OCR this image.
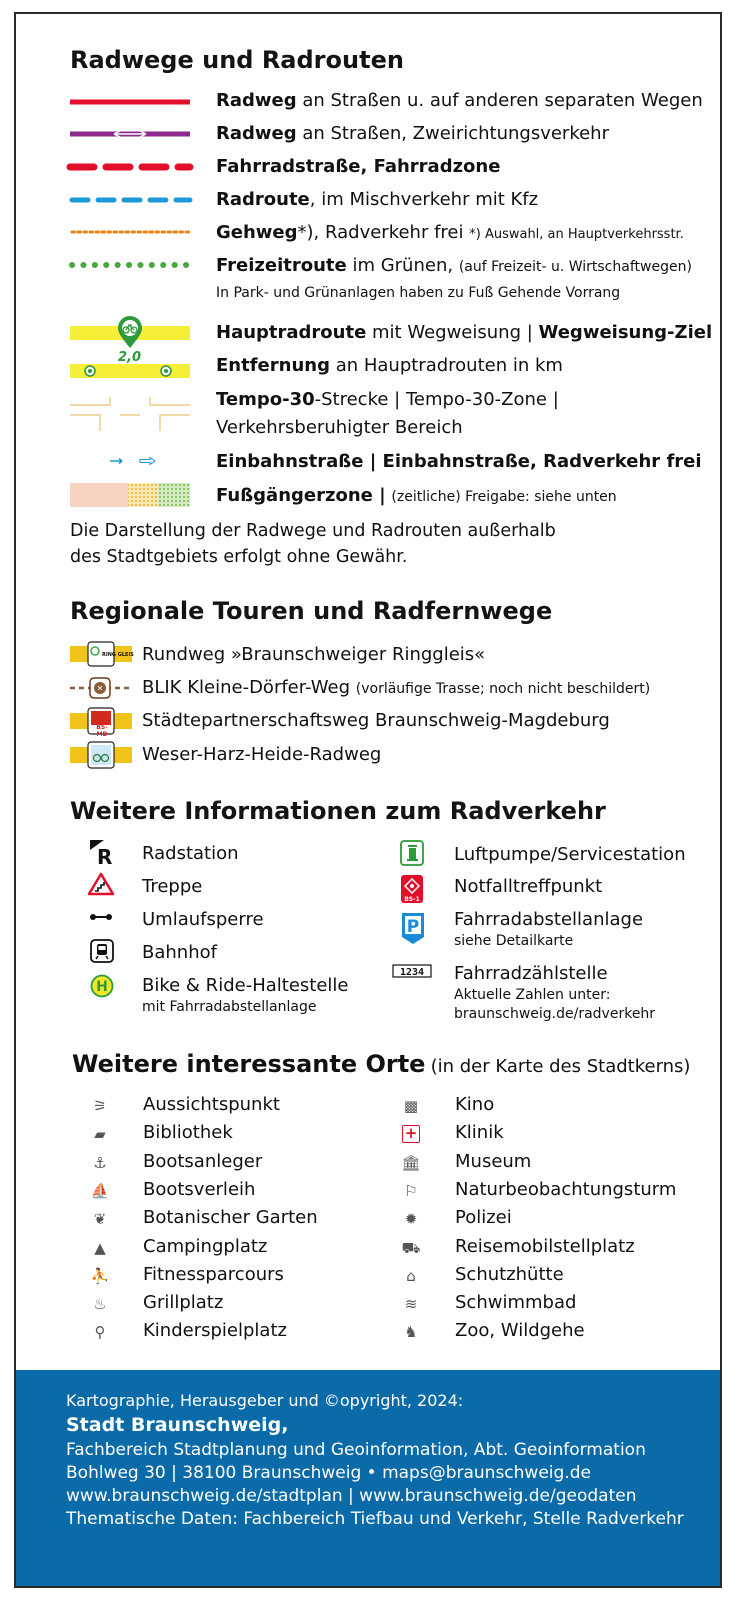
Radwege und Radrouten
Radweg an Straßen u. auf anderen separaten Wegen
Radweg an Straßen, Zweirichtungsverkehr
Fahrradstraße, Fahrradzone
Radroute, im Mischverkehr mit Kfz
Gehweg*), Radverkehr frei *) Auswahl, an Hauptverkehrsstr.
Freizeitroute im Grünen, (auf Freizeit- u. Wirtschaftwegen)
In Park- und Grünanlagen haben zu Fuß Gehende Vorrang
Hauptradroute mit Wegweisung | Wegweisung-Ziel
2,0	Entfernung an Hauptradrouten in km
Tempo-30-Strecke | Tempo-30-Zone |
Verkehrsberuhigter Bereich
Einbahnstraße | Einbahnstraße, Radverkehr frei
Fußgängerzone | (zeitliche) Freigabe: siehe unten
Die Darstellung der Radwege und Radrouten außerhalb
des Stadtgebiets erfolgt ohne Gewähr.
Regionale Touren und Radfernwege
RING GLEIS Rundweg »Braunschweiger Ringgleis«
✕ BLIK Kleine-Dörfer-Weg (vorläufige Trasse; noch nicht beschildert)
BS-MD
Städtepartnerschaftsweg Braunschweig-Magdeburg
Weser-Harz-Heide-Radweg
Weitere Informationen zum Radverkehr
R Radstation
Treppe
Umlaufsperre
Bahnhof
H Bike & Ride-Haltestelle
mit Fahrradabstellanlage
Luftpumpe/Servicestation
BS-1
Notfalltreffpunkt
P Fahrradabstellanlage
siehe Detailkarte
1234 Fahrradzählstelle
Aktuelle Zahlen unter:
braunschweig.de/radverkehr
Weitere interessante Orte (in der Karte des Stadtkerns)
⚞ Aussichtspunkt
▰	Bibliothek
⚓ Bootsanleger
⛵ Bootsverleih
❦	Botanischer Garten
▲	Campingplatz
⛹ Fitnessparcours
♨ Grillplatz
⚲	Kinderspielplatz
▩ Kino
+ Klinik
🏛 Museum
⚐ Naturbeobachtungsturm
✹	Polizei
⛟ Reisemobilstellplatz
⌂	Schutzhütte
≋	Schwimmbad
♞ Zoo, Wildgehe
Kartographie, Herausgeber und ©opyright, 2024:
Stadt Braunschweig,
Fachbereich Stadtplanung und Geoinformation, Abt. Geoinformation
Bohlweg 30 | 38100 Braunschweig • maps@braunschweig.de
www.braunschweig.de/stadtplan | www.braunschweig.de/geodaten
Thematische Daten: Fachbereich Tiefbau und Verkehr, Stelle Radverkehr
